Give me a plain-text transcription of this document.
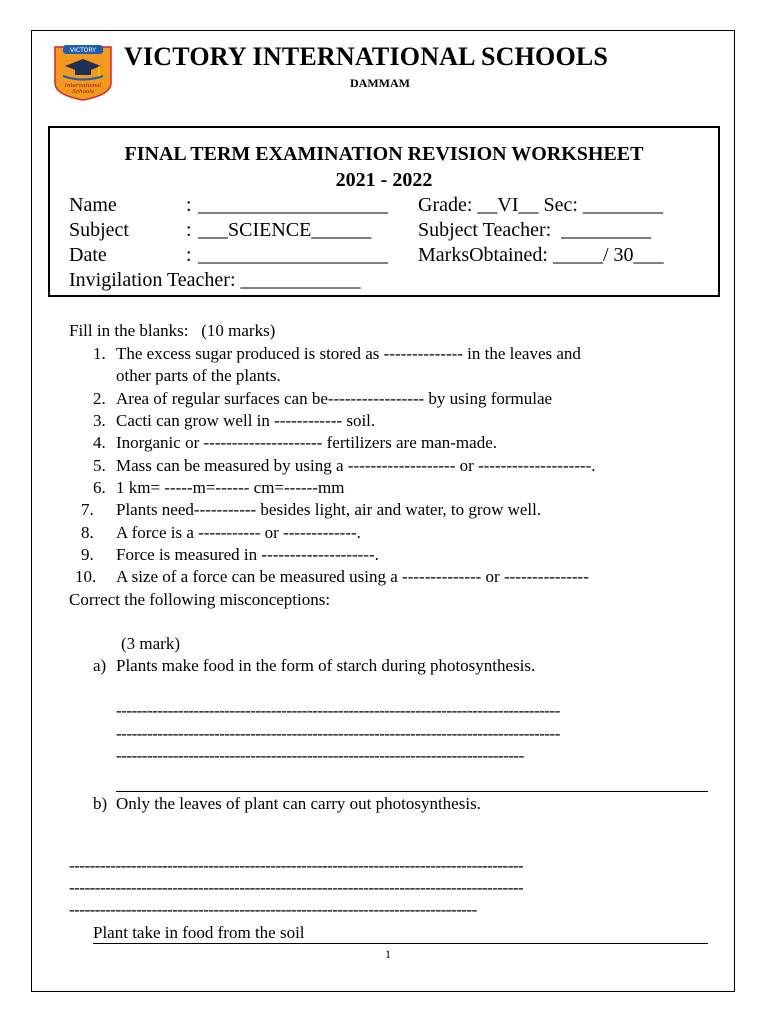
VICTORY
International
Schools
VICTORY INTERNATIONAL SCHOOLS
DAMMAM
FINAL TERM EXAMINATION REVISION WORKSHEET
2021 - 2022
Name	: ___________________ Grade: __VI__ Sec: ________
Subject	: ___SCIENCE______ Subject Teacher:  _________
Date	: ___________________ MarksObtained: _____/ 30___
Invigilation Teacher: ____________
Fill in the blanks:   (10 marks)
1. The excess sugar produced is stored as -------------- in the leaves and
other parts of the plants.
2. Area of regular surfaces can be----------------- by using formulae
3. Cacti can grow well in ------------ soil.
4. Inorganic or --------------------- fertilizers are man-made.
5. Mass can be measured by using a ------------------- or --------------------.
6. 1 km= -----m=------ cm=------mm
7. Plants need----------- besides light, air and water, to grow well.
8. A force is a ----------- or -------------.
9. Force is measured in --------------------.
10. A size of a force can be measured using a -------------- or ---------------
Correct the following misconceptions:
(3 mark)
a) Plants make food in the form of starch during photosynthesis.
--------------------------------------------------------------------------------------
--------------------------------------------------------------------------------------
-------------------------------------------------------------------------------
b) Only the leaves of plant can carry out photosynthesis.
----------------------------------------------------------------------------------------
----------------------------------------------------------------------------------------
-------------------------------------------------------------------------------
Plant take in food from the soil
1
